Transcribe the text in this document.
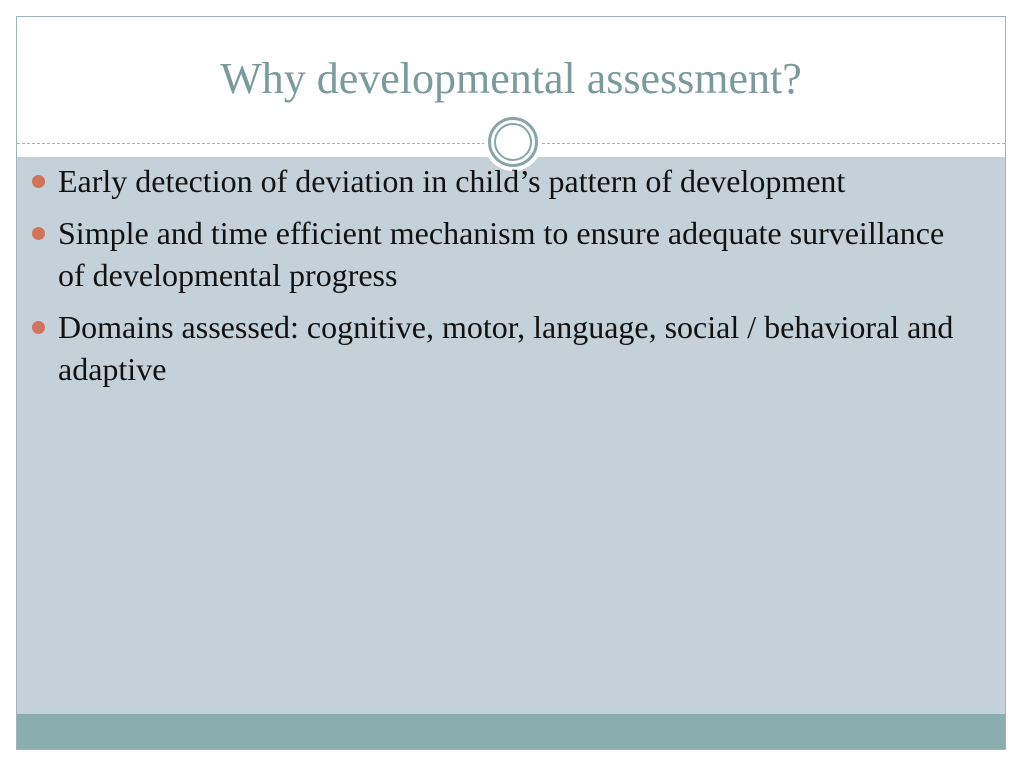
Why developmental assessment?
Early detection of deviation in child’s pattern of development
Simple and time efficient mechanism to ensure adequate surveillance of developmental progress
Domains assessed: cognitive, motor, language, social / behavioral and adaptive
